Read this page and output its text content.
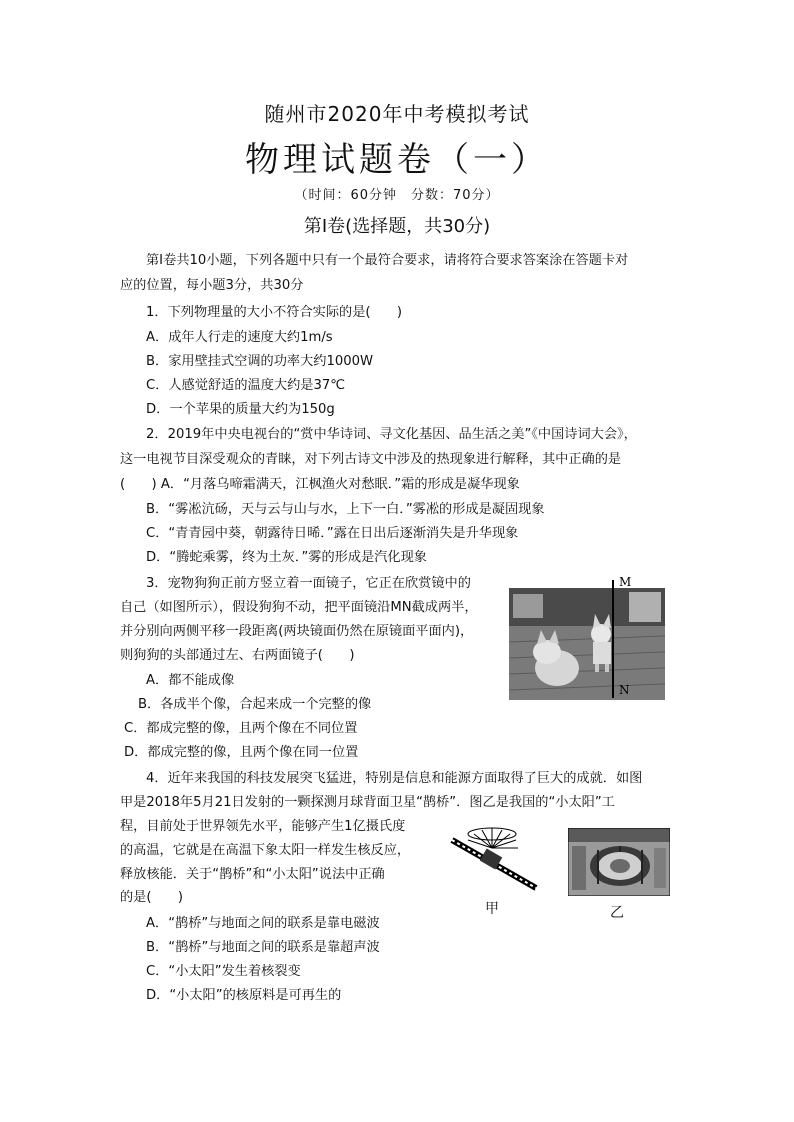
随州市2020年中考模拟考试
物理试题卷（一）
（时间：60分钟　分数：70分）
第Ⅰ卷(选择题，共30分)
第Ⅰ卷共10小题，下列各题中只有一个最符合要求，请将符合要求答案涂在答题卡对
应的位置，每小题3分，共30分
1．下列物理量的大小不符合实际的是(　　)
A．成年人行走的速度大约1m/s
B．家用壁挂式空调的功率大约1000W
C．人感觉舒适的温度大约是37℃
D．一个苹果的质量大约为150g
2．2019年中央电视台的“赏中华诗词、寻文化基因、品生活之美”《中国诗词大会》，
这一电视节目深受观众的青睐，对下列古诗文中涉及的热现象进行解释，其中正确的是
(　　) A．“月落乌啼霜满天，江枫渔火对愁眠．”霜的形成是凝华现象
B．“雾凇沆砀，天与云与山与水，上下一白．”雾凇的形成是凝固现象
C．“青青园中葵，朝露待日晞．”露在日出后逐渐消失是升华现象
D．“腾蛇乘雾，终为土灰．”雾的形成是汽化现象
3．宠物狗狗正前方竖立着一面镜子，它正在欣赏镜中的
自己（如图所示），假设狗狗不动，把平面镜沿MN截成两半，
并分别向两侧平移一段距离(两块镜面仍然在原镜面平面内)，
则狗狗的头部通过左、右两面镜子(　　)
A．都不能成像
B．各成半个像，合起来成一个完整的像
C．都成完整的像，且两个像在不同位置
D．都成完整的像，且两个像在同一位置
M
N
4．近年来我国的科技发展突飞猛进，特别是信息和能源方面取得了巨大的成就．如图
甲是2018年5月21日发射的一颗探测月球背面卫星“鹊桥”．图乙是我国的“小太阳”工
程，目前处于世界领先水平，能够产生1亿摄氏度
的高温，它就是在高温下象太阳一样发生核反应，
释放核能．关于“鹊桥”和“小太阳”说法中正确
的是(　　)
A．“鹊桥”与地面之间的联系是靠电磁波
B．“鹊桥”与地面之间的联系是靠超声波
C．“小太阳”发生着核裂变
D．“小太阳”的核原料是可再生的
甲	乙
